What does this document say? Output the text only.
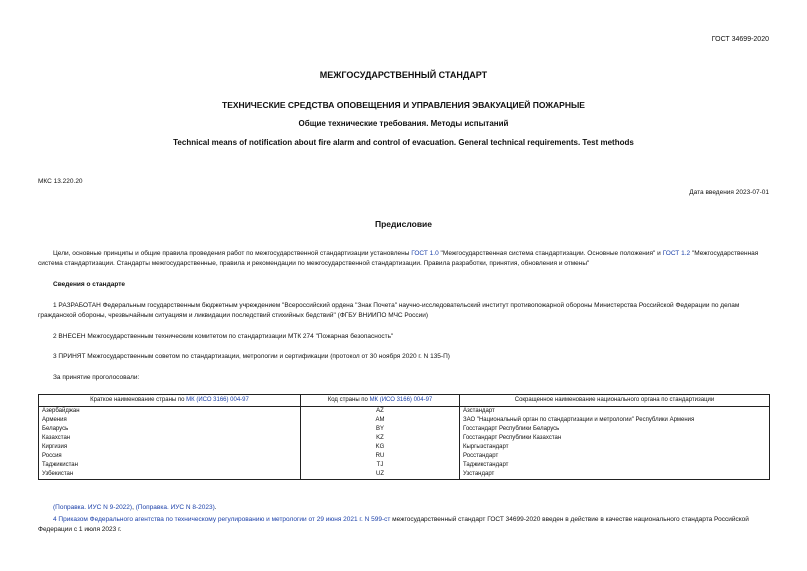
ГОСТ 34699-2020
МЕЖГОСУДАРСТВЕННЫЙ СТАНДАРТ
ТЕХНИЧЕСКИЕ СРЕДСТВА ОПОВЕЩЕНИЯ И УПРАВЛЕНИЯ ЭВАКУАЦИЕЙ ПОЖАРНЫЕ
Общие технические требования. Методы испытаний
Technical means of notification about fire alarm and control of evacuation. General technical requirements. Test methods
МКС 13.220.20
Дата введения 2023-07-01
Предисловие
Цели, основные принципы и общие правила проведения работ по межгосударственной стандартизации установлены ГОСТ 1.0 "Межгосударственная система стандартизации. Основные положения" и ГОСТ 1.2 "Межгосударственная система стандартизации. Стандарты межгосударственные, правила и рекомендации по межгосударственной стандартизации. Правила разработки, принятия, обновления и отмены"
Сведения о стандарте
1 РАЗРАБОТАН Федеральным государственным бюджетным учреждением "Всероссийский ордена "Знак Почета" научно-исследовательский институт противопожарной обороны Министерства Российской Федерации по делам гражданской обороны, чрезвычайным ситуациям и ликвидации последствий стихийных бедствий" (ФГБУ ВНИИПО МЧС России)
2 ВНЕСЕН Межгосударственным техническим комитетом по стандартизации МТК 274 "Пожарная безопасность"
3 ПРИНЯТ Межгосударственным советом по стандартизации, метрологии и сертификации (протокол от 30 ноября 2020 г. N 135-П)
За принятие проголосовали:
Краткое наименование страны по МК (ИСО 3166) 004-97	Код страны по МК (ИСО 3166) 004-97	Сокращенное наименование национального органа по стандартизации
Азербайджан	AZ	Азстандарт
Армения	AM	ЗАО "Национальный орган по стандартизации и метрологии" Республики Армения
Беларусь	BY	Госстандарт Республики Беларусь
Казахстан	KZ	Госстандарт Республики Казахстан
Киргизия	KG	Кыргызстандарт
Россия	RU	Росстандарт
Таджикистан	TJ	Таджикстандарт
Узбекистан	UZ	Узстандарт
(Поправка. ИУС N 9-2022), (Поправка. ИУС N 8-2023).
4 Приказом Федерального агентства по техническому регулированию и метрологии от 29 июня 2021 г. N 599-ст межгосударственный стандарт ГОСТ 34699-2020 введен в действие в качестве национального стандарта Российской Федерации с 1 июля 2023 г.
